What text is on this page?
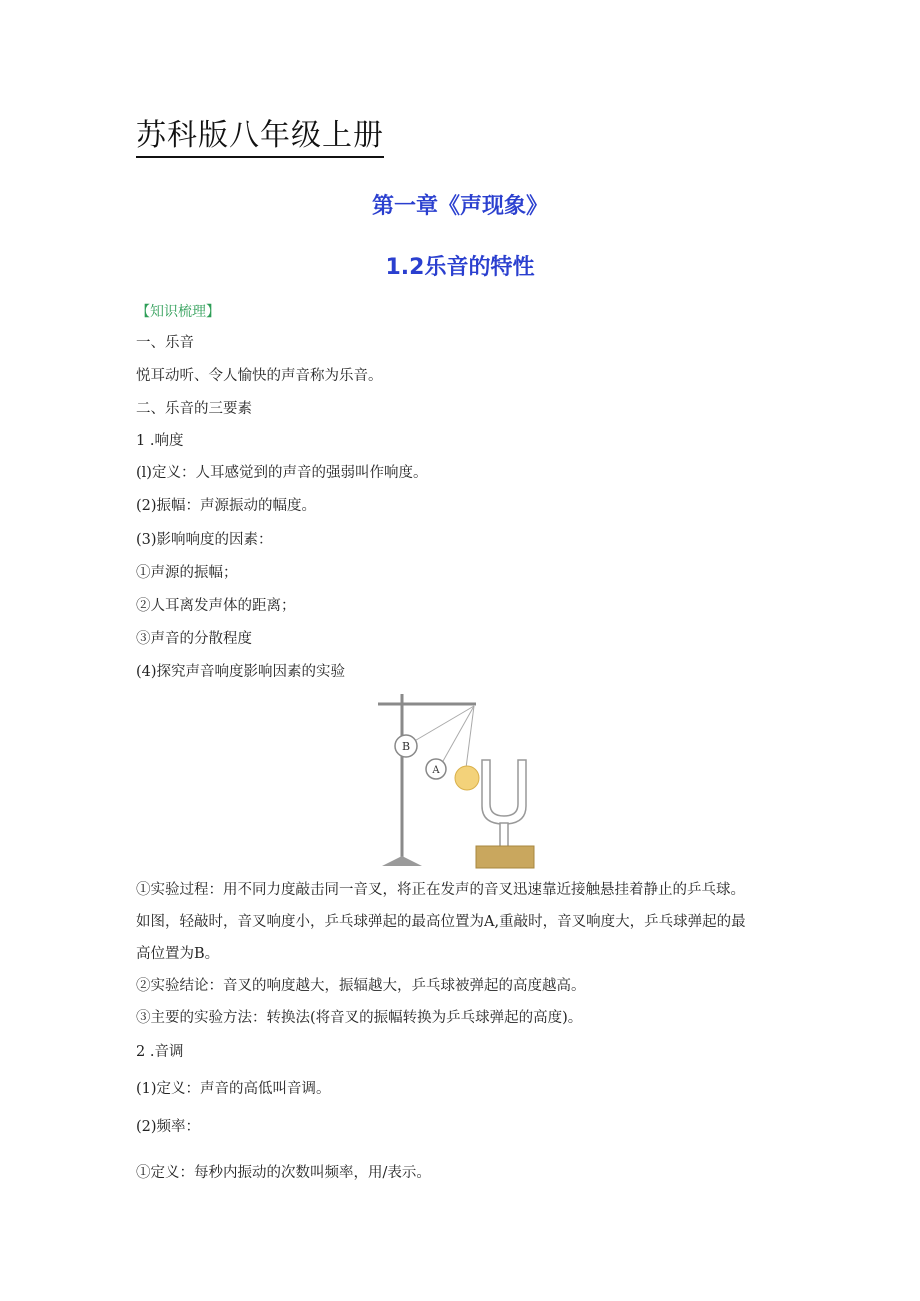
苏科版八年级上册
第一章《声现象》
1.2乐音的特性
【知识梳理】
一、乐音
悦耳动听、令人愉快的声音称为乐音。
二、乐音的三要素
1 .响度
(l)定义：人耳感觉到的声音的强弱叫作响度。
(2)振幅：声源振动的幅度。
(3)影响响度的因素：
①声源的振幅；
②人耳离发声体的距离；
③声音的分散程度
(4)探究声音响度影响因素的实验
B
A
①实验过程：用不同力度敲击同一音叉，将正在发声的音叉迅速靠近接触悬挂着静止的乒乓球。
如图，轻敲时，音叉响度小，乒乓球弹起的最高位置为A,重敲时，音叉响度大，乒乓球弹起的最
高位置为B。
②实验结论：音叉的响度越大，振辐越大，乒乓球被弹起的高度越高。
③主要的实验方法：转换法(将音叉的振幅转换为乒乓球弹起的高度)。
2 .音调
(1)定义：声音的高低叫音调。
(2)频率：
①定义：每秒内振动的次数叫频率，用/表示。
